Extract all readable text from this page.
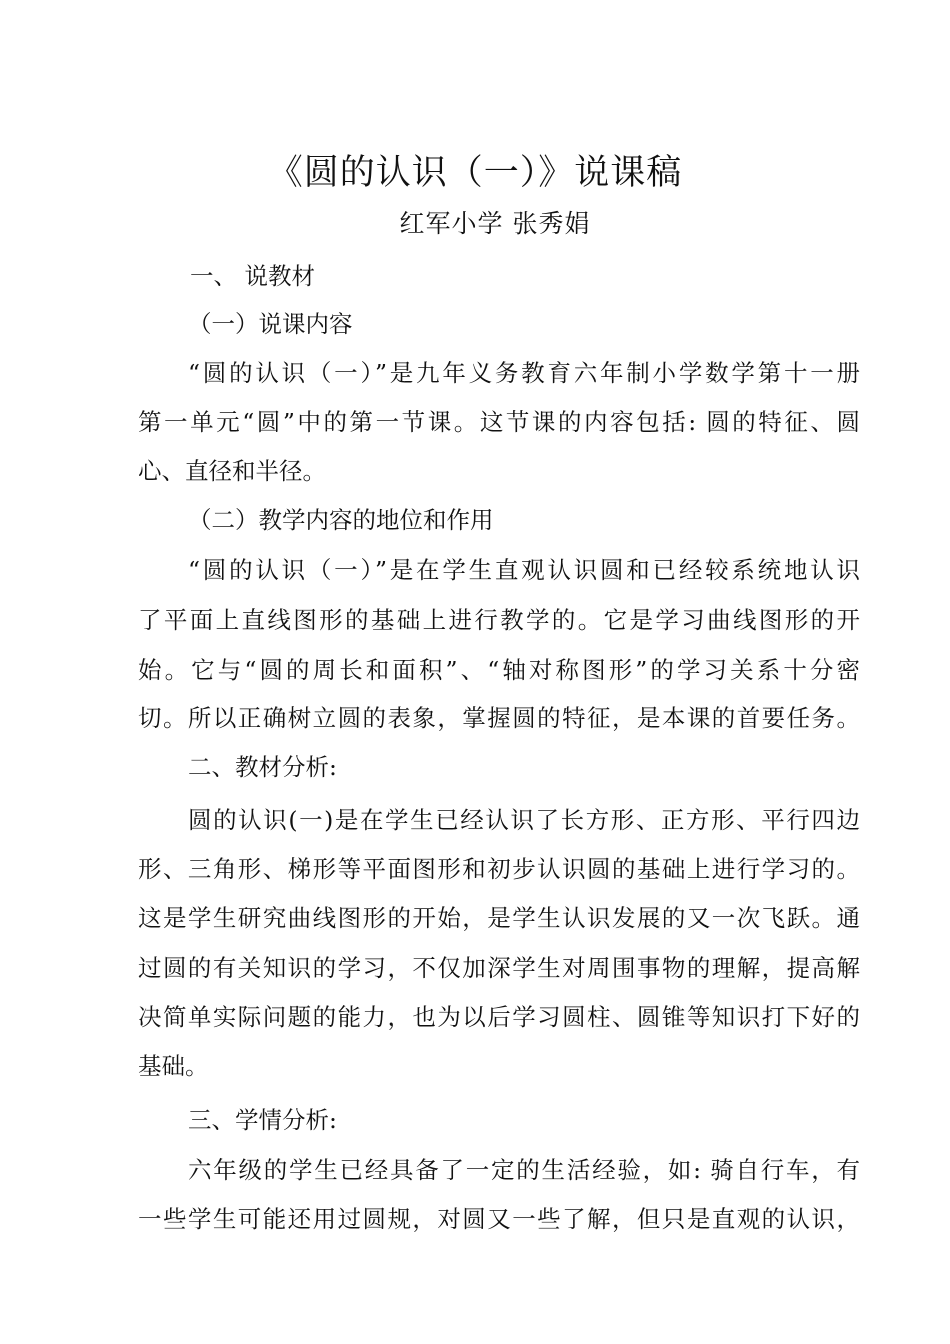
《圆的认识（一）》说课稿
红军小学 张秀娟
一、 说教材
（一）说课内容
“圆的认识（一）”是九年义务教育六年制小学数学第十一册
第一单元“圆”中的第一节课。这节课的内容包括: 圆的特征、圆
心、直径和半径。
（二）教学内容的地位和作用
“圆的认识（一）”是在学生直观认识圆和已经较系统地认识
了平面上直线图形的基础上进行教学的。它是学习曲线图形的开
始。它与“圆的周长和面积”、“轴对称图形”的学习关系十分密
切。所以正确树立圆的表象，掌握圆的特征，是本课的首要任务。
二、教材分析:
圆的认识(一)是在学生已经认识了长方形、正方形、平行四边
形、三角形、梯形等平面图形和初步认识圆的基础上进行学习的。
这是学生研究曲线图形的开始，是学生认识发展的又一次飞跃。通
过圆的有关知识的学习，不仅加深学生对周围事物的理解，提高解
决简单实际问题的能力，也为以后学习圆柱、圆锥等知识打下好的
基础。
三、学情分析:
六年级的学生已经具备了一定的生活经验，如: 骑自行车，有
一些学生可能还用过圆规，对圆又一些了解，但只是直观的认识，
